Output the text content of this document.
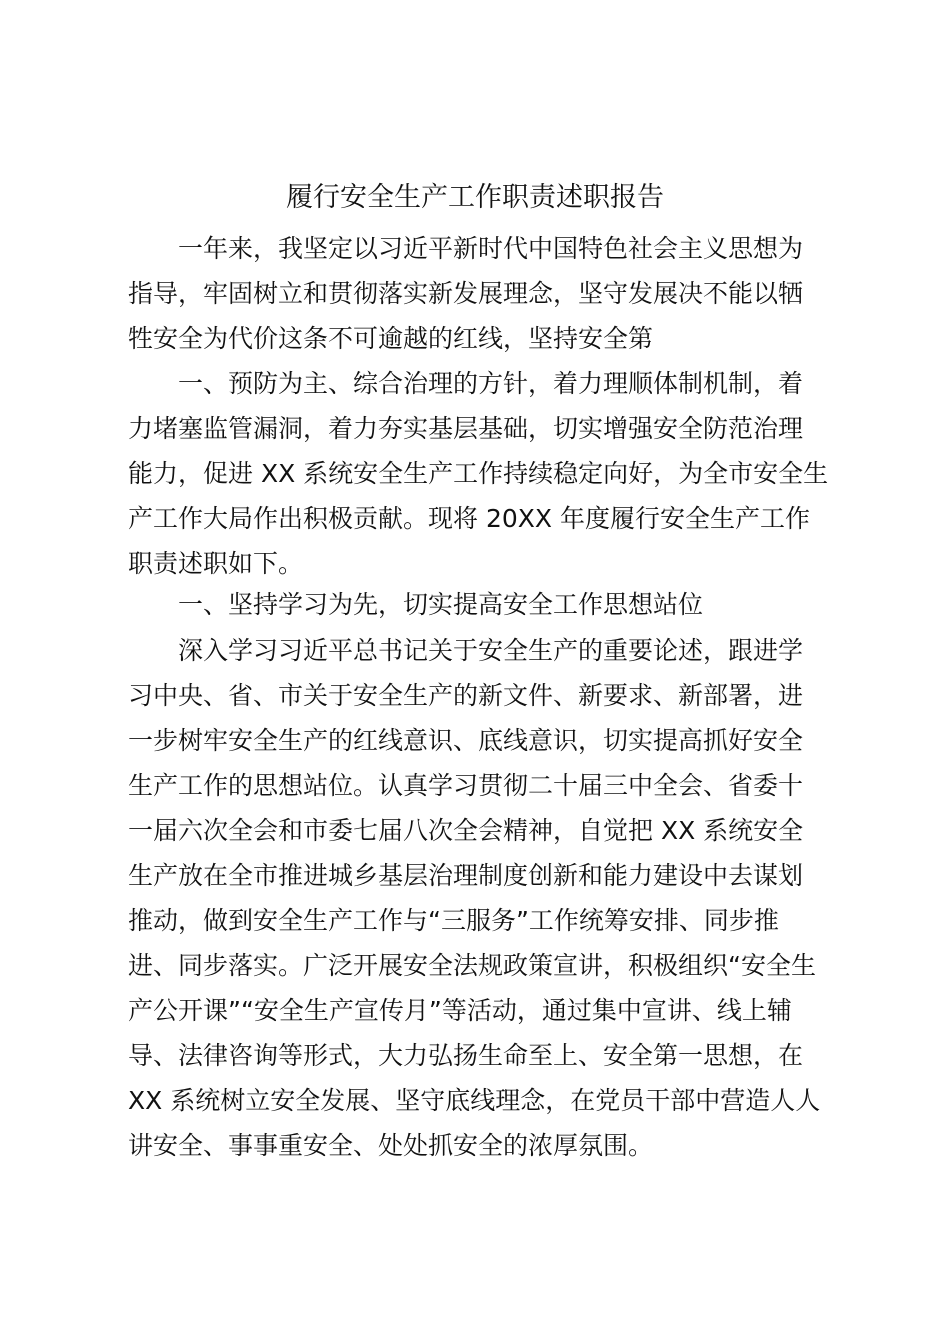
履行安全生产工作职责述职报告
一年来，我坚定以习近平新时代中国特色社会主义思想为
指导，牢固树立和贯彻落实新发展理念，坚守发展决不能以牺
牲安全为代价这条不可逾越的红线，坚持安全第
一、预防为主、综合治理的方针，着力理顺体制机制，着
力堵塞监管漏洞，着力夯实基层基础，切实增强安全防范治理
能力，促进 XX 系统安全生产工作持续稳定向好，为全市安全生
产工作大局作出积极贡献。现将 20XX 年度履行安全生产工作
职责述职如下。
一、坚持学习为先，切实提高安全工作思想站位
深入学习习近平总书记关于安全生产的重要论述，跟进学
习中央、省、市关于安全生产的新文件、新要求、新部署，进
一步树牢安全生产的红线意识、底线意识，切实提高抓好安全
生产工作的思想站位。认真学习贯彻二十届三中全会、省委十
一届六次全会和市委七届八次全会精神，自觉把 XX 系统安全
生产放在全市推进城乡基层治理制度创新和能力建设中去谋划
推动，做到安全生产工作与“三服务”工作统筹安排、同步推
进、同步落实。广泛开展安全法规政策宣讲，积极组织“安全生
产公开课”“安全生产宣传月”等活动，通过集中宣讲、线上辅
导、法律咨询等形式，大力弘扬生命至上、安全第一思想，在
XX 系统树立安全发展、坚守底线理念，在党员干部中营造人人
讲安全、事事重安全、处处抓安全的浓厚氛围。
